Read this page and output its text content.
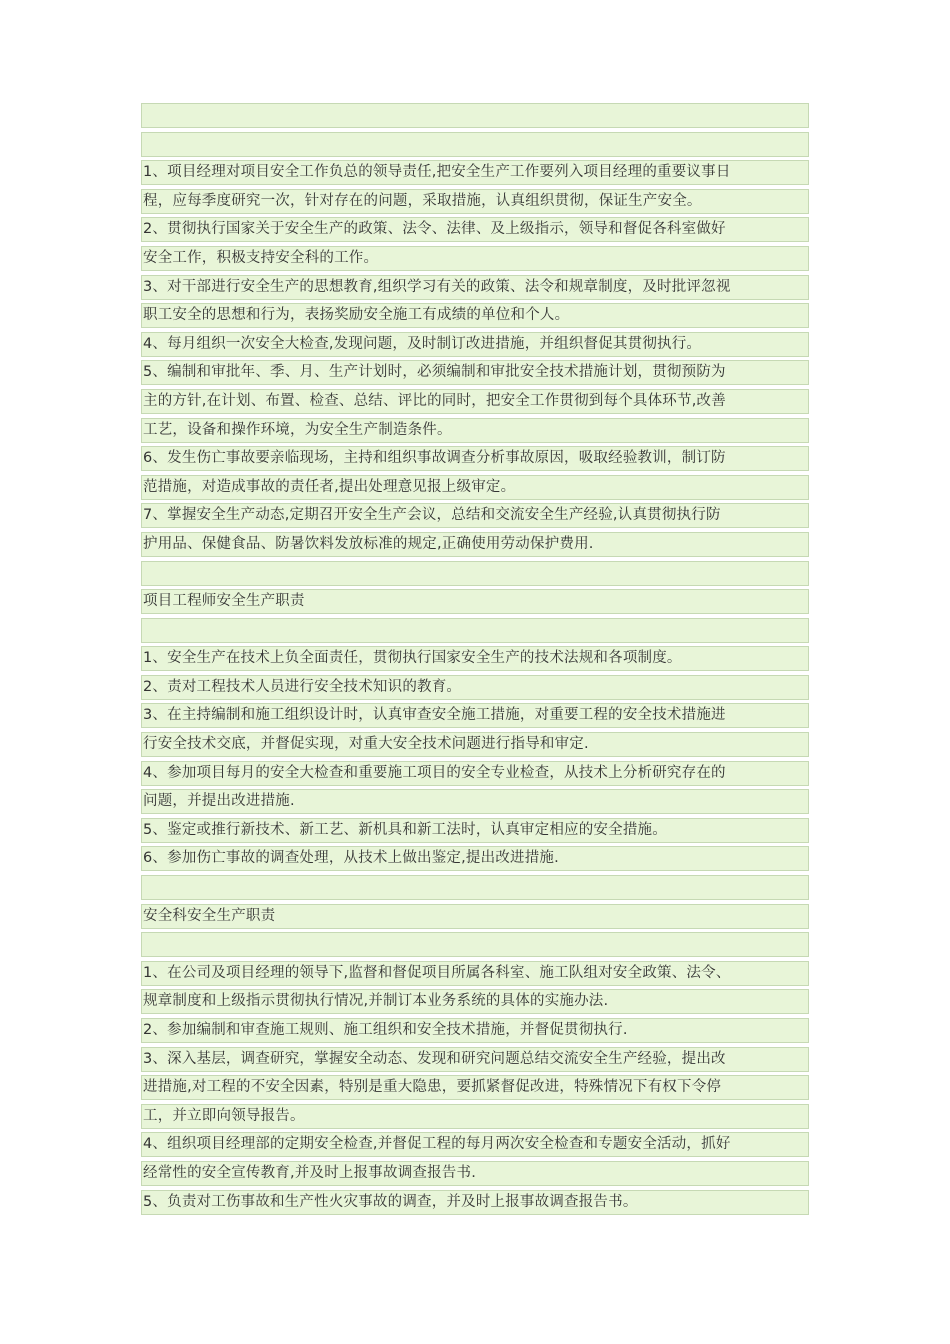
1、项目经理对项目安全工作负总的领导责任,把安全生产工作要列入项目经理的重要议事日
程，应每季度研究一次，针对存在的问题，采取措施，认真组织贯彻，保证生产安全。
2、贯彻执行国家关于安全生产的政策、法令、法律、及上级指示，领导和督促各科室做好
安全工作，积极支持安全科的工作。
3、对干部进行安全生产的思想教育,组织学习有关的政策、法令和规章制度，及时批评忽视
职工安全的思想和行为，表扬奖励安全施工有成绩的单位和个人。
4、每月组织一次安全大检查,发现问题，及时制订改进措施，并组织督促其贯彻执行。
5、编制和审批年、季、月、生产计划时，必须编制和审批安全技术措施计划，贯彻预防为
主的方针,在计划、布置、检查、总结、评比的同时，把安全工作贯彻到每个具体环节,改善
工艺，设备和操作环境，为安全生产制造条件。
6、发生伤亡事故要亲临现场，主持和组织事故调查分析事故原因，吸取经验教训，制订防
范措施，对造成事故的责任者,提出处理意见报上级审定。
7、掌握安全生产动态,定期召开安全生产会议，总结和交流安全生产经验,认真贯彻执行防
护用品、保健食品、防暑饮料发放标准的规定,正确使用劳动保护费用.
项目工程师安全生产职责
1、安全生产在技术上负全面责任，贯彻执行国家安全生产的技术法规和各项制度。
2、责对工程技术人员进行安全技术知识的教育。
3、在主持编制和施工组织设计时，认真审查安全施工措施，对重要工程的安全技术措施进
行安全技术交底，并督促实现，对重大安全技术问题进行指导和审定.
4、参加项目每月的安全大检查和重要施工项目的安全专业检查，从技术上分析研究存在的
问题，并提出改进措施.
5、鉴定或推行新技术、新工艺、新机具和新工法时，认真审定相应的安全措施。
6、参加伤亡事故的调查处理，从技术上做出鉴定,提出改进措施.
安全科安全生产职责
1、在公司及项目经理的领导下,监督和督促项目所属各科室、施工队组对安全政策、法令、
规章制度和上级指示贯彻执行情况,并制订本业务系统的具体的实施办法.
2、参加编制和审查施工规则、施工组织和安全技术措施，并督促贯彻执行.
3、深入基层，调查研究，掌握安全动态、发现和研究问题总结交流安全生产经验，提出改
进措施,对工程的不安全因素，特别是重大隐患，要抓紧督促改进，特殊情况下有权下令停
工，并立即向领导报告。
4、组织项目经理部的定期安全检查,并督促工程的每月两次安全检查和专题安全活动，抓好
经常性的安全宣传教育,并及时上报事故调查报告书.
5、负责对工伤事故和生产性火灾事故的调查，并及时上报事故调查报告书。
